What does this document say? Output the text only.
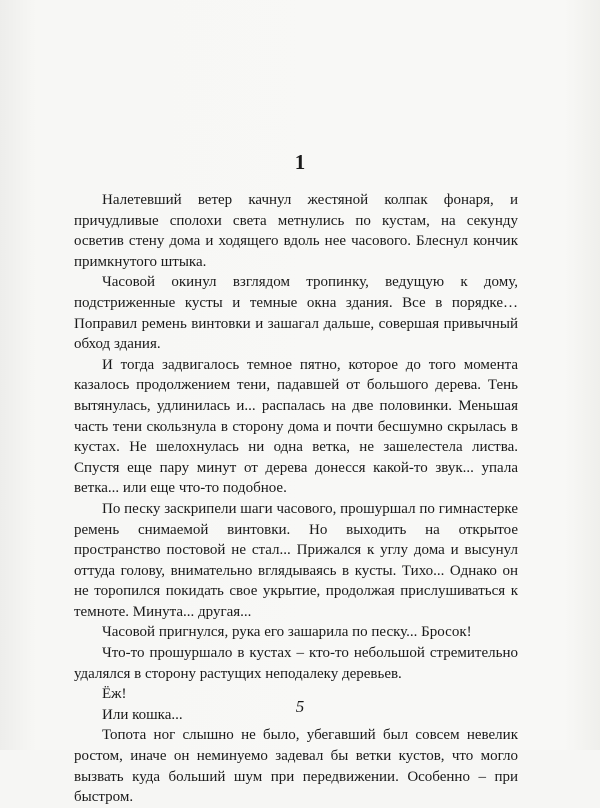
1

Налетевший ветер качнул жестяной колпак фонаря, и причудливые сполохи света метнулись по кустам, на секунду осветив стену дома и ходящего вдоль нее часового. Блеснул кончик примкнутого штыка.

Часовой окинул взглядом тропинку, ведущую к дому, подстриженные кусты и темные окна здания. Все в порядке… Поправил ремень винтовки и зашагал дальше, совершая привычный обход здания.

И тогда задвигалось темное пятно, которое до того момента казалось продолжением тени, падавшей от большого дерева. Тень вытянулась, удлинилась и... распалась на две половинки. Меньшая часть тени скользнула в сторону дома и почти бесшумно скрылась в кустах. Не шелохнулась ни одна ветка, не зашелестела листва. Спустя еще пару минут от дерева донесся какой-то звук... упала ветка... или еще что-то подобное.

По песку заскрипели шаги часового, прошуршал по гимнастерке ремень снимаемой винтовки. Но выходить на открытое пространство постовой не стал... Прижался к углу дома и высунул оттуда голову, внимательно вглядываясь в кусты. Тихо... Однако он не торопился покидать свое укрытие, продолжая прислушиваться к темноте. Минута... другая...

Часовой пригнулся, рука его зашарила по песку... Бросок!

Что-то прошуршало в кустах – кто-то небольшой стремительно удалялся в сторону растущих неподалеку деревьев.

Ёж!

Или кошка...

Топота ног слышно не было, убегавший был совсем невелик ростом, иначе он неминуемо задевал бы ветки кустов, что могло вызвать куда больший шум при передвижении. Особенно – при быстром.

5
